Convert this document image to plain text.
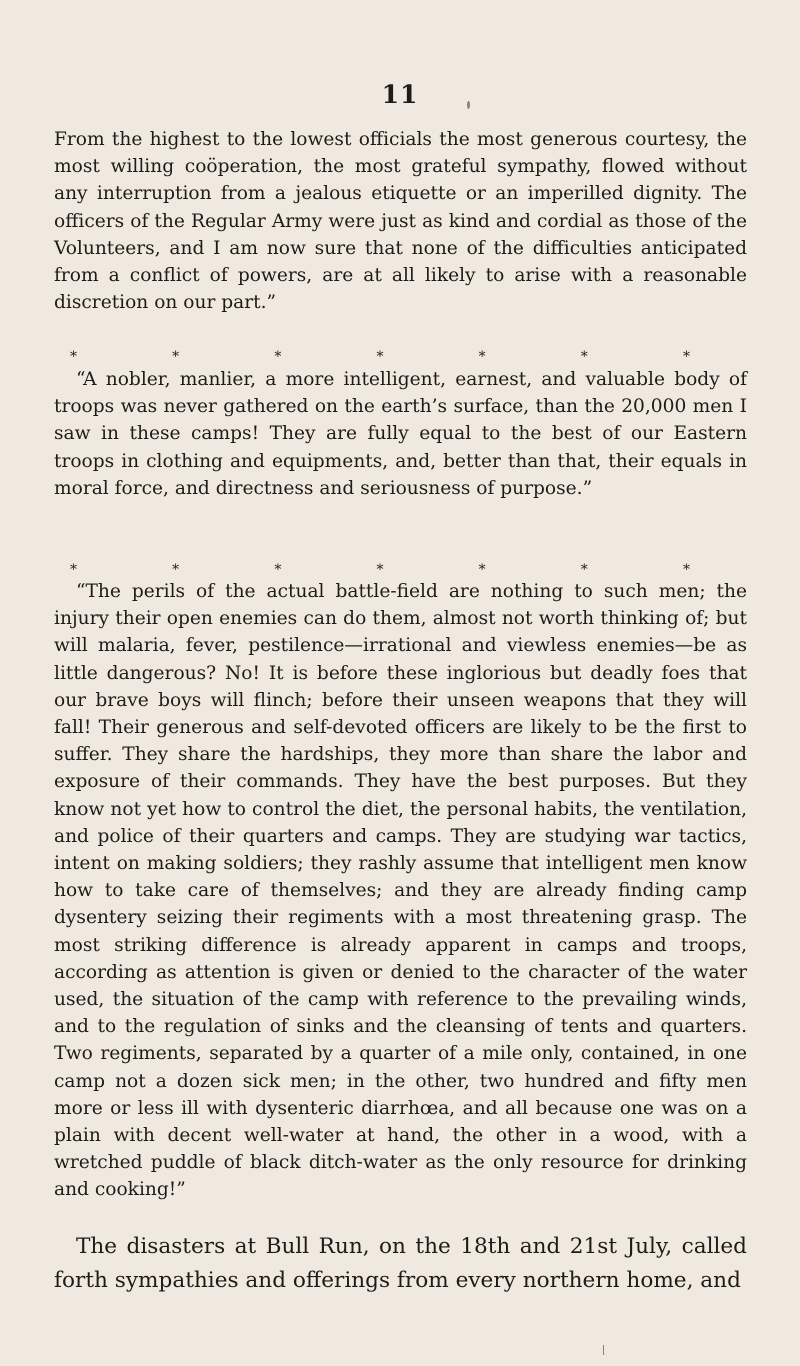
11

From the highest to the lowest officials the most generous courtesy, the most willing coöperation, the most grateful sympathy, flowed without any interruption from a jealous etiquette or an imperilled dignity. The officers of the Regular Army were just as kind and cordial as those of the Volunteers, and I am now sure that none of the difficulties anticipated from a conflict of powers, are at all likely to arise with a reasonable discretion on our part.”

*	*	*	*	*	*	*

“A nobler, manlier, a more intelligent, earnest, and valuable body of troops was never gathered on the earth’s surface, than the 20,000 men I saw in these camps! They are fully equal to the best of our Eastern troops in clothing and equipments, and, better than that, their equals in moral force, and directness and seriousness of purpose.”

*	*	*	*	*	*	*

“The perils of the actual battle-field are nothing to such men; the injury their open enemies can do them, almost not worth thinking of; but will malaria, fever, pestilence—irrational and viewless enemies—be as little dangerous? No! It is before these inglorious but deadly foes that our brave boys will flinch; before their unseen weapons that they will fall! Their generous and self-devoted officers are likely to be the first to suffer. They share the hardships, they more than share the labor and exposure of their commands. They have the best purposes. But they know not yet how to control the diet, the personal habits, the ventilation, and police of their quarters and camps. They are studying war tactics, intent on making soldiers; they rashly assume that intelligent men know how to take care of themselves; and they are already finding camp dysentery seizing their regiments with a most threatening grasp. The most striking difference is already apparent in camps and troops, according as attention is given or denied to the character of the water used, the situation of the camp with reference to the prevailing winds, and to the regulation of sinks and the cleansing of tents and quarters. Two regiments, separated by a quarter of a mile only, contained, in one camp not a dozen sick men; in the other, two hundred and fifty men more or less ill with dysenteric diarrhœa, and all because one was on a plain with decent well-water at hand, the other in a wood, with a wretched puddle of black ditch-water as the only resource for drinking and cooking!”

The disasters at Bull Run, on the 18th and 21st July, called forth sympathies and offerings from every northern home, and
